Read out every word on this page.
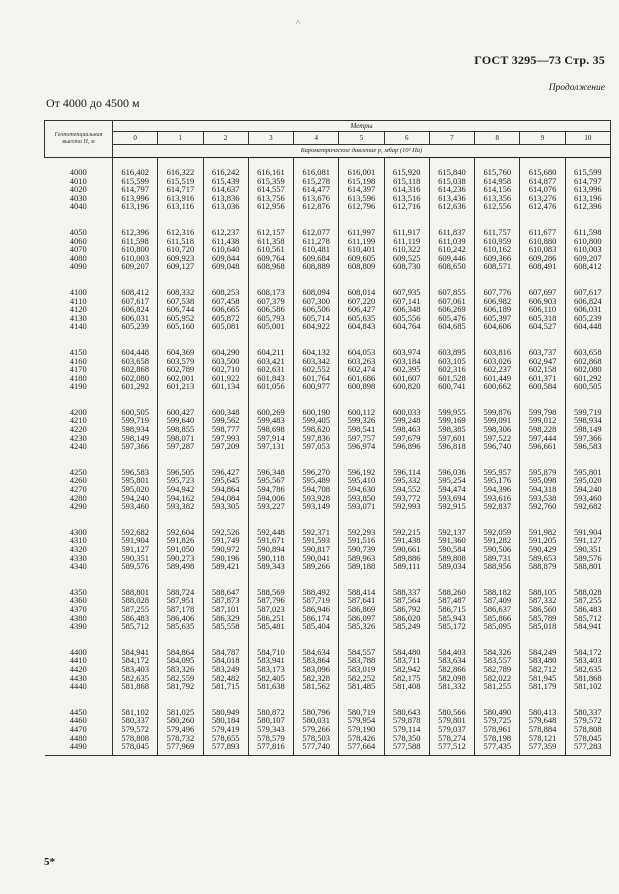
^
ГОСТ 3295—73 Стр. 35
Продолжение
От 4000 до 4500 м
Геопотенциальная высота Н, м	Метры										
	0	1	2	3	4	5	6	7	8	9	10
	Барометрическое давление р, мбар (10² Па)										
4000	616,402	616,322	616,242	616,161	616,081	616,001	615,920	615,840	615,760	615,680	615,599
4010	615,599	615,519	615,439	615,359	615,278	615,198	615,118	615,038	614,958	614,877	614,797
4020	614,797	614,717	614,637	614,557	614,477	614,397	614,316	614,236	614,156	614,076	613,996
4030	613,996	613,916	613,836	613,756	613,676	613,596	613,516	613,436	613,356	613,276	613,196
4040	613,196	613,116	613,036	612,956	612,876	612,796	612,716	612,636	612,556	612,476	612,396

4050	612,396	612,316	612,237	612,157	612,077	611,997	611,917	611,837	611,757	611,677	611,598
4060	611,598	611,518	611,438	611,358	611,278	611,199	611,119	611,039	610,959	610,880	610,800
4070	610,800	610,720	610,640	610,561	610,481	610,401	610,322	610,242	610,162	610,083	610,003
4080	610,003	609,923	609,844	609,764	609,684	609,605	609,525	609,446	609,366	609,286	609,207
4090	609,207	609,127	609,048	608,968	608,889	608,809	608,730	608,650	608,571	608,491	608,412

4100	608,412	608,332	608,253	608,173	608,094	608,014	607,935	607,855	607,776	607,697	607,617
4110	607,617	607,538	607,458	607,379	607,300	607,220	607,141	607,061	606,982	606,903	606,824
4120	606,824	606,744	606,665	606,586	606,506	606,427	606,348	606,269	606,189	606,110	606,031
4130	606,031	605,952	605,872	605,793	605,714	605,635	605,556	605,476	605,397	605,318	605,239
4140	605,239	605,160	605,081	605,001	604,922	604,843	604,764	604,685	604,606	604,527	604,448

4150	604,448	604,369	604,290	604,211	604,132	604,053	603,974	603,895	603,816	603,737	603,658
4160	603,658	603,579	603,500	603,421	603,342	603,263	603,184	603,105	603,026	602,947	602,868
4170	602,868	602,789	602,710	602,631	602,552	602,474	602,395	602,316	602,237	602,158	602,080
4180	602,080	602,001	601,922	601,843	601,764	601,686	601,607	601,528	601,449	601,371	601,292
4190	601,292	601,213	601,134	601,056	600,977	600,898	600,820	600,741	600,662	600,584	600,505

4200	600,505	600,427	600,348	600,269	600,190	600,112	600,033	599,955	599,876	599,798	599,719
4210	599,719	599,640	599,562	599,483	599,405	599,326	599,248	599,169	599,091	599,012	598,934
4220	598,934	598,855	598,777	598,698	598,620	598,541	598,463	598,385	598,306	598,228	598,149
4230	598,149	598,071	597,993	597,914	597,836	597,757	597,679	597,601	597,522	597,444	597,366
4240	597,366	597,287	597,209	597,131	597,053	596,974	596,896	596,818	596,740	596,661	596,583

4250	596,583	596,505	596,427	596,348	596,270	596,192	596,114	596,036	595,957	595,879	595,801
4260	595,801	595,723	595,645	595,567	595,489	595,410	595,332	595,254	595,176	595,098	595,020
4270	595,020	594,942	594,864	594,786	594,708	594,630	594,552	594,474	594,396	594,318	594,240
4280	594,240	594,162	594,084	594,006	593,928	593,850	593,772	593,694	593,616	593,538	593,460
4290	593,460	593,382	593,305	593,227	593,149	593,071	592,993	592,915	592,837	592,760	592,682

4300	592,682	592,604	592,526	592,448	592,371	592,293	592,215	592,137	592,059	591,982	591,904
4310	591,904	591,826	591,749	591,671	591,593	591,516	591,438	591,360	591,282	591,205	591,127
4320	591,127	591,050	590,972	590,894	590,817	590,739	590,661	590,584	590,506	590,429	590,351
4330	590,351	590,273	590,196	590,118	590,041	589,963	589,886	589,808	589,731	589,653	589,576
4340	589,576	589,498	589,421	589,343	589,266	589,188	589,111	589,034	588,956	588,879	588,801

4350	588,801	588,724	588,647	588,569	588,492	588,414	588,337	588,260	588,182	588,105	588,028
4360	588,028	587,951	587,873	587,796	587,719	587,641	587,564	587,487	587,409	587,332	587,255
4370	587,255	587,178	587,101	587,023	586,946	586,869	586,792	586,715	586,637	586,560	586,483
4380	586,483	586,406	586,329	586,251	586,174	586,097	586,020	585,943	585,866	585,789	585,712
4390	585,712	585,635	585,558	585,481	585,404	585,326	585,249	585,172	585,095	585,018	584,941

4400	584,941	584,864	584,787	584,710	584,634	584,557	584,480	584,403	584,326	584,249	584,172
4410	584,172	584,095	584,018	583,941	583,864	583,788	583,711	583,634	583,557	583,480	583,403
4420	583,403	583,326	583,249	583,173	583,096	583,019	582,942	582,866	582,789	582,712	582,635
4430	582,635	582,559	582,482	582,405	582,328	582,252	582,175	582,098	582,022	581,945	581,868
4440	581,868	581,792	581,715	581,638	581,562	581,485	581,408	581,332	581,255	581,179	581,102

4450	581,102	581,025	580,949	580,872	580,796	580,719	580,643	580,566	580,490	580,413	580,337
4460	580,337	580,260	580,184	580,107	580,031	579,954	579,878	579,801	579,725	579,648	579,572
4470	579,572	579,496	579,419	579,343	579,266	579,190	579,114	579,037	578,961	578,884	578,808
4480	578,808	578,732	578,655	578,579	578,503	578,426	578,350	578,274	578,198	578,121	578,045
4490	578,045	577,969	577,893	577,816	577,740	577,664	577,588	577,512	577,435	577,359	577,283
5*
